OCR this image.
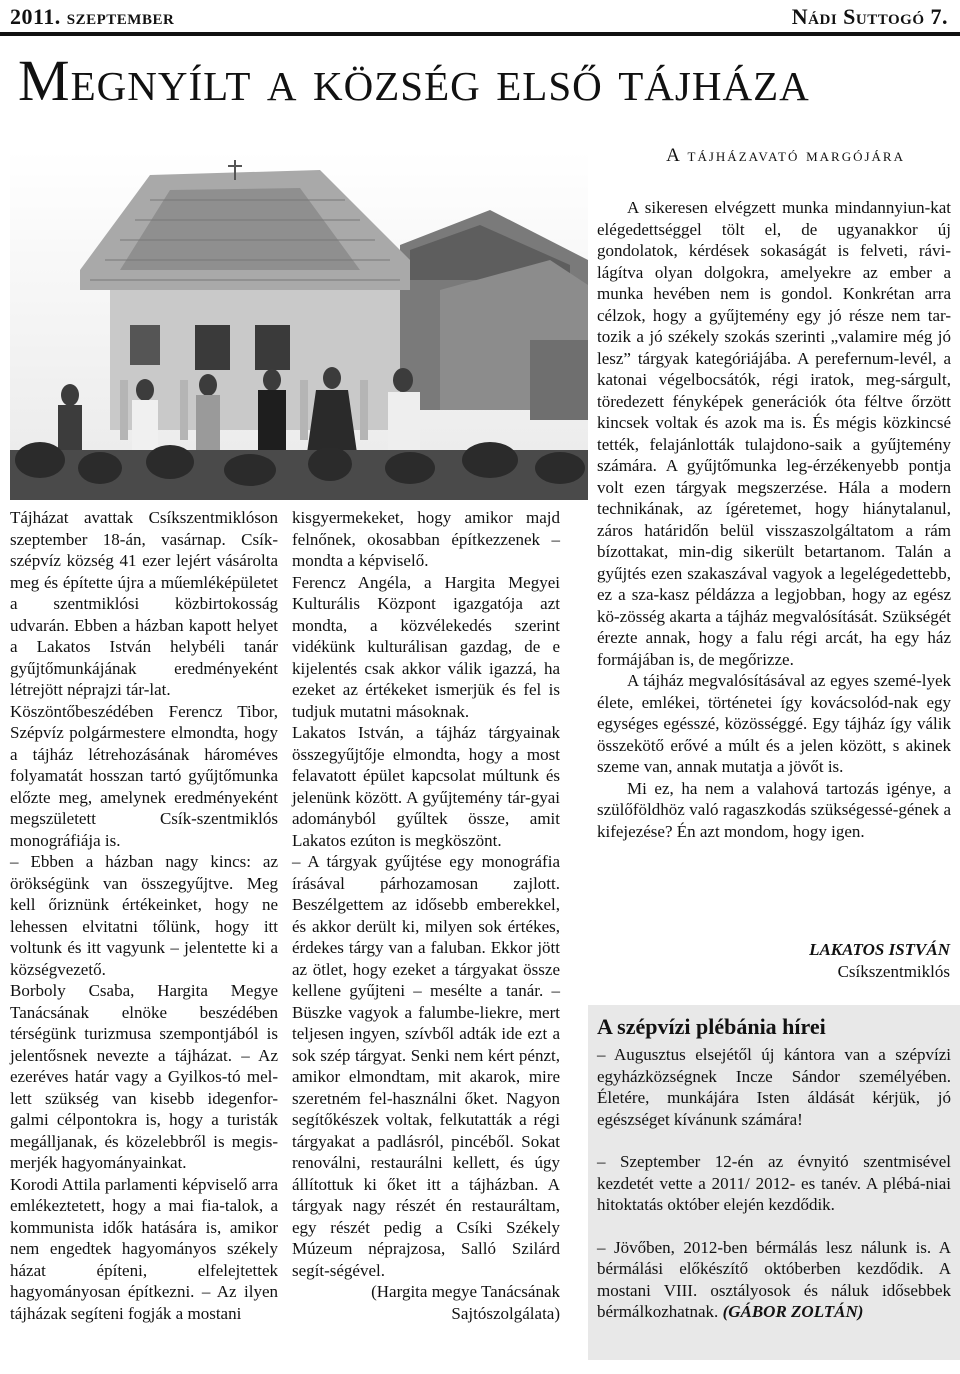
2011. szeptember	Nádi Suttogó 7.
Megnyílt a község első tájháza
A tájházavató margójára

Tájházat avattak Csíkszentmiklóson szeptember 18-án, vasárnap. Csík-szépvíz község 41 ezer lejért vásárolta meg és építette újra a műemléképületet a szentmiklósi közbirtokosság udvarán. Ebben a házban kapott helyet a Lakatos István helybéli tanár gyűjtőmunkájának eredményeként létrejött néprajzi tár-lat.

Köszöntőbeszédében Ferencz Tibor, Szépvíz polgármestere elmondta, hogy a tájház létrehozásának hároméves folyamatát hosszan tartó gyűjtőmunka előzte meg, amelynek eredményeként megszületett Csík-szentmiklós monográfiája is.

– Ebben a házban nagy kincs: az örökségünk van összegyűjtve. Meg kell őriznünk értékeinket, hogy ne lehessen elvitatni tőlünk, hogy itt voltunk és itt vagyunk – jelentette ki a községvezető.

Borboly Csaba, Hargita Megye Tanácsának elnöke beszédében térségünk turizmusa szempontjából is jelentősnek nevezte a tájházat. – Az ezeréves határ vagy a Gyilkos-tó mel-lett szükség van kisebb idegenfor-galmi célpontokra is, hogy a turisták megálljanak, és közelebbről is megis-merjék hagyományainkat.

Korodi Attila parlamenti képviselő arra emlékeztetett, hogy a mai fia-talok, a kommunista idők hatására is, amikor nem engedtek hagyományos székely házat építeni, elfelejtettek hagyományosan építkezni. – Az ilyen tájházak segíteni fogják a mostani

kisgyermekeket, hogy amikor majd felnőnek, okosabban építkezzenek – mondta a képviselő.

Ferencz Angéla, a Hargita Megyei Kulturális Központ igazgatója azt mondta, a közvélekedés szerint vidékünk kulturálisan gazdag, de e kijelentés csak akkor válik igazzá, ha ezeket az értékeket ismerjük és fel is tudjuk mutatni másoknak.

Lakatos István, a tájház tárgyainak összegyűjtője elmondta, hogy a most felavatott épület kapcsolat múltunk és jelenünk között. A gyűjtemény tár-gyai adományból gyűltek össze, amit Lakatos ezúton is megköszönt.

– A tárgyak gyűjtése egy monográfia írásával párhozamosan zajlott. Beszélgettem az idősebb emberekkel, és akkor derült ki, milyen sok értékes, érdekes tárgy van a faluban. Ekkor jött az ötlet, hogy ezeket a tárgyakat össze kellene gyűjteni – mesélte a tanár. – Büszke vagyok a falumbe-liekre, mert teljesen ingyen, szívből adták ide ezt a sok szép tárgyat. Senki nem kért pénzt, amikor elmondtam, mit akarok, mire szeretném fel-használni őket. Nagyon segítőkészek voltak, felkutatták a régi tárgyakat a padlásról, pincéből. Sokat renoválni, restaurálni kellett, és úgy állítottuk ki őket itt a tájházban. A tárgyak nagy részét én restauráltam, egy részét pedig a Csíki Székely Múzeum néprajzosa, Salló Szilárd segít-ségével.

(Hargita megye Tanácsának Sajtószolgálata)

A sikeresen elvégzett munka mindannyiun-kat elégedettséggel tölt el, de ugyanakkor új gondolatok, kérdések sokaságát is felveti, rávi-lágítva olyan dolgokra, amelyekre az ember a munka hevében nem is gondol. Konkrétan arra célzok, hogy a gyűjtemény egy jó része nem tar-tozik a jó székely szokás szerinti „valamire még jó lesz” tárgyak kategóriájába. A perefernum-levél, a katonai végelbocsátók, régi iratok, meg-sárgult, töredezett fényképek generációk óta féltve őrzött kincsek voltak és azok ma is. És mégis közkincsé tették, felajánlották tulajdono-saik a gyűjtemény számára. A gyűjtőmunka leg-érzékenyebb pontja volt ezen tárgyak megszerzése. Hála a modern technikának, az ígéretemet, hogy hiánytalanul, záros határidőn belül visszaszolgáltatom a rám bízottakat, min-dig sikerült betartanom. Talán a gyűjtés ezen szakaszával vagyok a legelégedettebb, ez a sza-kasz példázza a legjobban, hogy az egész kö-zösség akarta a tájház megvalósítását. Szükségét érezte annak, hogy a falu régi arcát, ha egy ház formájában is, de megőrizze.

A tájház megvalósításával az egyes szemé-lyek élete, emlékei, történetei így kovácsolód-nak egy egységes egésszé, közösséggé. Egy tájház így válik összekötő erővé a múlt és a jelen között, s akinek szeme van, annak mutatja a jövőt is.

Mi ez, ha nem a valahová tartozás igénye, a szülőföldhöz való ragaszkodás szükségessé-gének a kifejezése? Én azt mondom, hogy igen.

LAKATOS ISTVÁN
Csíkszentmiklós
A szépvízi plébánia hírei

– Augusztus elsejétől új kántora van a szépvízi egyházközségnek Incze Sándor személyében. Életére, munkájára Isten áldását kérjük, jó egészséget kívánunk számára!

– Szeptember 12-én az évnyitó szentmisével kezdetét vette a 2011/ 2012- es tanév. A plébá-niai hitoktatás október elején kezdődik.

– Jövőben, 2012-ben bérmálás lesz nálunk is. A bérmálási előkészítő októberben kezdődik. A mostani VIII. osztályosok és náluk idősebbek bérmálkozhatnak. (GÁBOR ZOLTÁN)
